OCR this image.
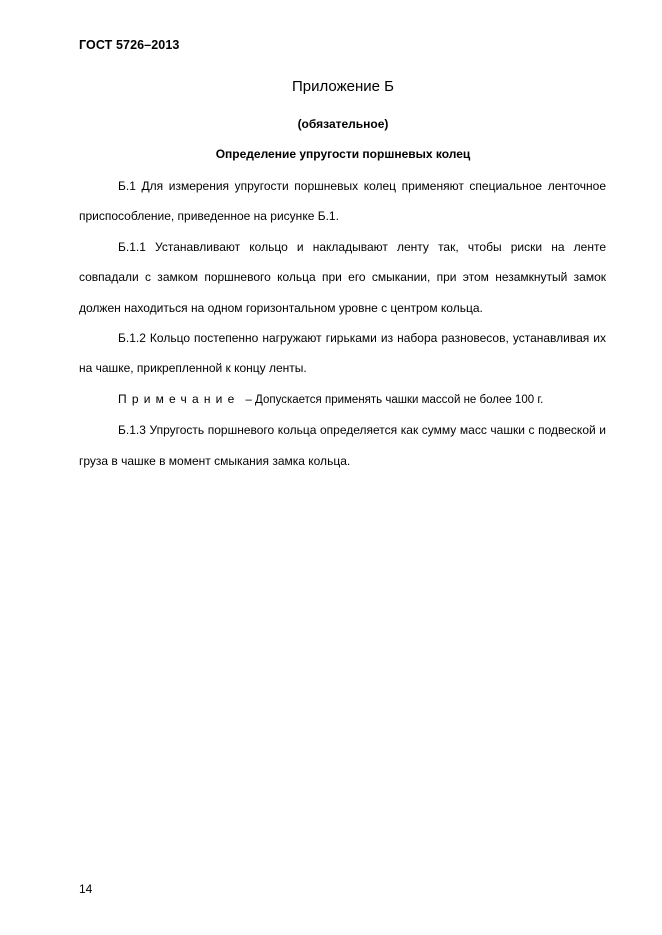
ГОСТ 5726–2013
Приложение Б
(обязательное)
Определение упругости поршневых колец

Б.1 Для измерения упругости поршневых колец применяют специальное ленточное приспособление, приведенное на рисунке Б.1.

Б.1.1 Устанавливают кольцо и накладывают ленту так, чтобы риски на ленте совпадали с замком поршневого кольца при его смыкании, при этом незамкнутый замок должен находиться на одном горизонтальном уровне с центром кольца.

Б.1.2 Кольцо постепенно нагружают гирьками из набора разновесов, устанавливая их на чашке, прикрепленной к концу ленты.

Примечание – Допускается применять чашки массой не более 100 г.

Б.1.3 Упругость поршневого кольца определяется как сумму масс чашки с подвеской и груза в чашке в момент смыкания замка кольца.

14
